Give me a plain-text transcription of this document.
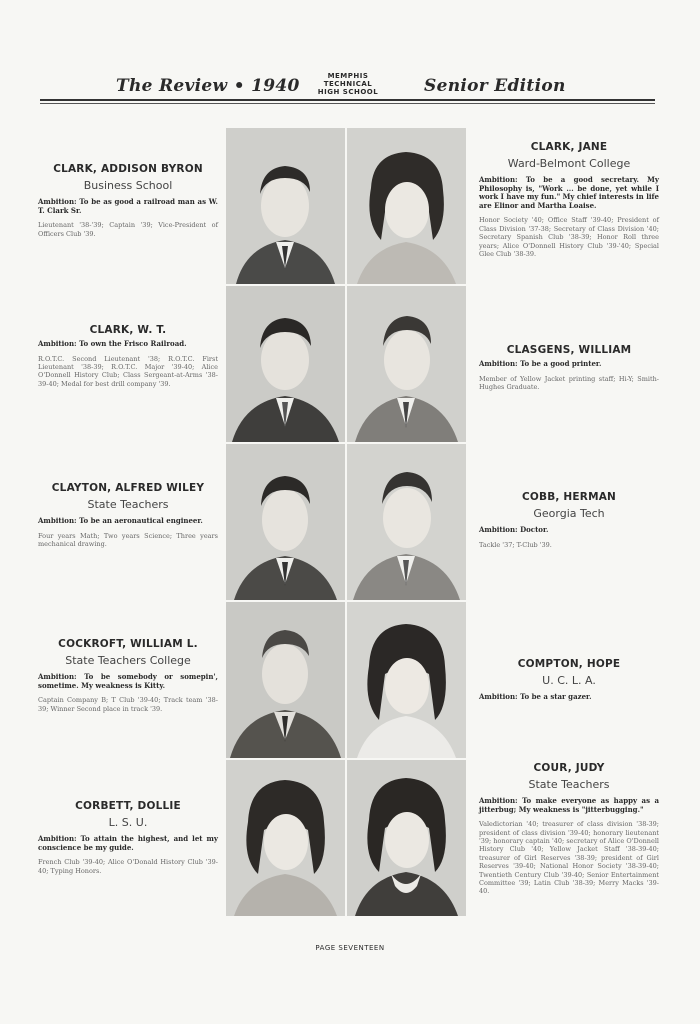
The Review • 1940	MEMPHIS
TECHNICAL
HIGH SCHOOL	Senior Edition
CLARK, ADDISON BYRON
Business School
Ambition: To be as good a railroad man as W. T. Clark Sr.
Lieutenant '38-'39; Captain '39; Vice-President of Officers Club '39.
CLARK, W. T.
Ambition: To own the Frisco Railroad.
R.O.T.C. Second Lieutenant '38; R.O.T.C. First Lieutenant '38-39; R.O.T.C. Major '39-40; Alice O'Donnell History Club; Class Sergeant-at-Arms '38-39-40; Medal for best drill company '39.
CLAYTON, ALFRED WILEY
State Teachers
Ambition: To be an aeronautical engineer.
Four years Math; Two years Science; Three years mechanical drawing.
COCKROFT, WILLIAM L.
State Teachers College
Ambition: To be somebody or somepin', sometime. My weakness is Kitty.
Captain Company B; T Club '39-40; Track team '38-39; Winner Second place in track '39.
CORBETT, DOLLIE
L. S. U.
Ambition: To attain the highest, and let my conscience be my guide.
French Club '39-40; Alice O'Donald History Club '39-40; Typing Honors.
CLARK, JANE
Ward-Belmont College
Ambition: To be a good secretary. My Philosophy is, "Work ... be done, yet while I work I have my fun." My chief interests in life are Elinor and Martha Loaise.
Honor Society '40; Office Staff '39-40; President of Class Division '37-38; Secretary of Class Division '40; Secretary Spanish Club '38-39; Honor Roll three years; Alice O'Donnell History Club '39-'40; Special Glee Club '38-39.
CLASGENS, WILLIAM
Ambition: To be a good printer.
Member of Yellow Jacket printing staff; Hi-Y; Smith-Hughes Graduate.
COBB, HERMAN
Georgia Tech
Ambition: Doctor.
Tackle '37; T-Club '39.
COMPTON, HOPE
U. C. L. A.
Ambition: To be a star gazer.
COUR, JUDY
State Teachers
Ambition: To make everyone as happy as a jitterbug; My weakness is "jitterbugging."
Valedictorian '40; treasurer of class division '38-39; president of class division '39-40; honorary lieutenant '39; honorary captain '40; secretary of Alice O'Donnell History Club '40; Yellow Jacket Staff '38-39-40; treasurer of Girl Reserves '38-39; president of Girl Reserves '39-40; National Honor Society '38-39-40; Twentieth Century Club '39-40; Senior Entertainment Committee '39; Latin Club '38-39; Merry Macks '39-40.
PAGE SEVENTEEN
